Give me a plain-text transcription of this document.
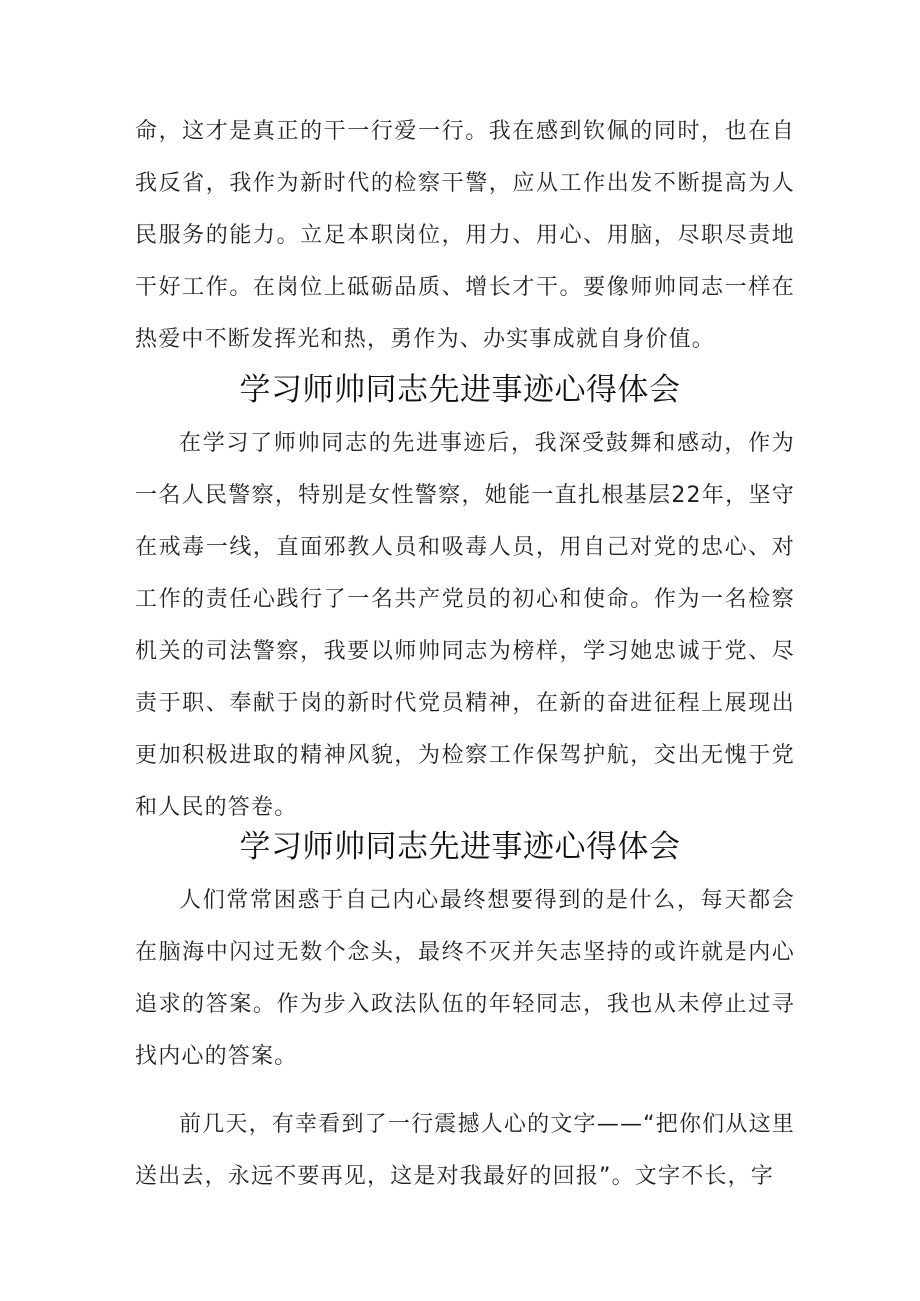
命，这才是真正的干一行爱一行。我在感到钦佩的同时，也在自我反省，我作为新时代的检察干警，应从工作出发不断提高为人民服务的能力。立足本职岗位，用力、用心、用脑，尽职尽责地干好工作。在岗位上砥砺品质、增长才干。要像师帅同志一样在热爱中不断发挥光和热，勇作为、办实事成就自身价值。

学习师帅同志先进事迹心得体会

在学习了师帅同志的先进事迹后，我深受鼓舞和感动，作为一名人民警察，特别是女性警察，她能一直扎根基层22年，坚守在戒毒一线，直面邪教人员和吸毒人员，用自己对党的忠心、对工作的责任心践行了一名共产党员的初心和使命。作为一名检察机关的司法警察，我要以师帅同志为榜样，学习她忠诚于党、尽责于职、奉献于岗的新时代党员精神，在新的奋进征程上展现出更加积极进取的精神风貌，为检察工作保驾护航，交出无愧于党和人民的答卷。

学习师帅同志先进事迹心得体会

人们常常困惑于自己内心最终想要得到的是什么，每天都会在脑海中闪过无数个念头，最终不灭并矢志坚持的或许就是内心追求的答案。作为步入政法队伍的年轻同志，我也从未停止过寻找内心的答案。

前几天，有幸看到了一行震撼人心的文字——“把你们从这里送出去，永远不要再见，这是对我最好的回报”。文字不长，字
